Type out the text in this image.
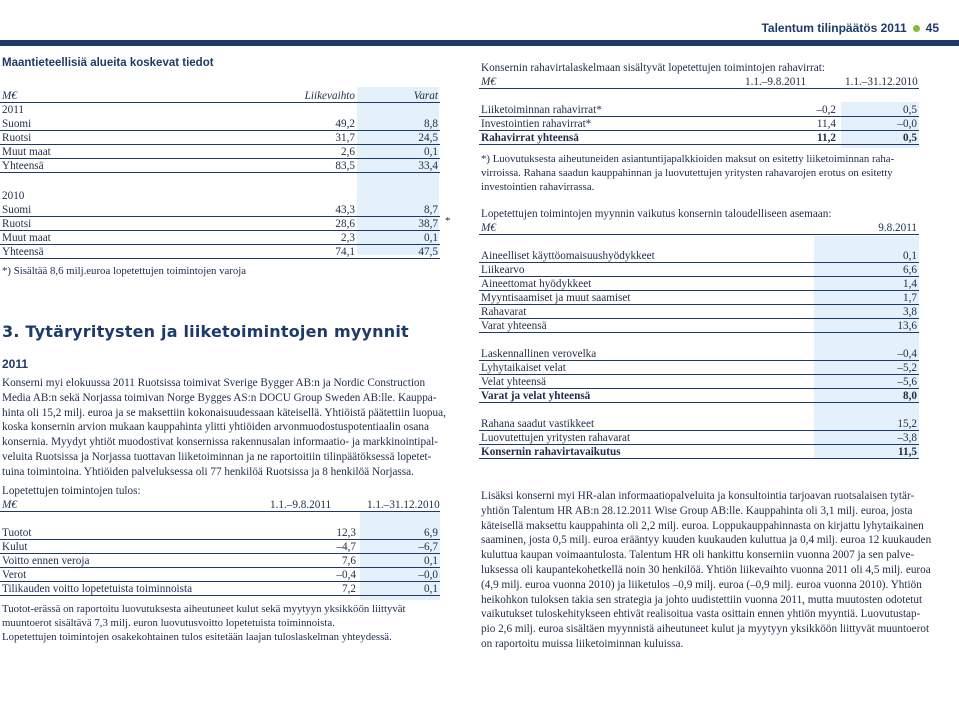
Talentum tilinpäätös 2011 45
Maantieteellisiä alueita koskevat tiedot
M€	Liikevaihto	Varat
2011
Suomi	49,2	8,8
Ruotsi	31,7	24,5
Muut maat	2,6	0,1
Yhteensä	83,5	33,4
2010
Suomi	43,3	8,7
Ruotsi	28,6	38,7
Muut maat	2,3	0,1
Yhteensä	74,1	47,5
*
*) Sisältää 8,6 milj.euroa lopetettujen toimintojen varoja
3. Tytäryritysten ja liiketoimintojen myynnit
2011
Konserni myi elokuussa 2011 Ruotsissa toimivat Sverige Bygger AB:n ja Nordic Construction
Media AB:n sekä Norjassa toimivan Norge Bygges AS:n DOCU Group Sweden AB:lle. Kauppa-
hinta oli 15,2 milj. euroa ja se maksettiin kokonaisuudessaan käteisellä. Yhtiöistä päätettiin luopua,
koska konsernin arvion mukaan kauppahinta ylitti yhtiöiden arvonmuodostuspotentiaalin osana
konsernia. Myydyt yhtiöt muodostivat konsernissa rakennusalan informaatio- ja markkinointipal-
veluita Ruotsissa ja Norjassa tuottavan liiketoiminnan ja ne raportoitiin tilinpäätöksessä lopetet-
tuina toimintoina. Yhtiöiden palveluksessa oli 77 henkilöä Ruotsissa ja 8 henkilöä Norjassa.
Lopetettujen toimintojen tulos:
M€	1.1.–9.8.2011	1.1.–31.12.2010
Tuotot	12,3	6,9
Kulut	–4,7	–6,7
Voitto ennen veroja	7,6	0,1
Verot	–0,4	–0,0
Tilikauden voitto lopetetuista toiminnoista	7,2	0,1
Tuotot-erässä on raportoitu luovutuksesta aiheutuneet kulut sekä myytyyn yksikköön liittyvät
muuntoerot sisältävä 7,3 milj. euron luovutusvoitto lopetetuista toiminnoista.
Lopetettujen toimintojen osakekohtainen tulos esitetään laajan tuloslaskelman yhteydessä.
Konsernin rahavirtalaskelmaan sisältyvät lopetettujen toimintojen rahavirrat:
M€	1.1.–9.8.2011	1.1.–31.12.2010
Liiketoiminnan rahavirrat*	–0,2	0,5
Investointien rahavirrat*	11,4	–0,0
Rahavirrat yhteensä	11,2	0,5
*) Luovutuksesta aiheutuneiden asiantuntijapalkkioiden maksut on esitetty liiketoiminnan raha-
virroissa. Rahana saadun kauppahinnan ja luovutettujen yritysten rahavarojen erotus on esitetty
investointien rahavirrassa.
Lopetettujen toimintojen myynnin vaikutus konsernin taloudelliseen asemaan:
M€	9.8.2011
Aineelliset käyttöomaisuushyödykkeet	0,1
Liikearvo	6,6
Aineettomat hyödykkeet	1,4
Myyntisaamiset ja muut saamiset	1,7
Rahavarat	3,8
Varat yhteensä	13,6
Laskennallinen verovelka	–0,4
Lyhytaikaiset velat	–5,2
Velat yhteensä	–5,6
Varat ja velat yhteensä	8,0
Rahana saadut vastikkeet	15,2
Luovutettujen yritysten rahavarat	–3,8
Konsernin rahavirtavaikutus	11,5
Lisäksi konserni myi HR-alan informaatiopalveluita ja konsultointia tarjoavan ruotsalaisen tytär-
yhtiön Talentum HR AB:n 28.12.2011 Wise Group AB:lle. Kauppahinta oli 3,1 milj. euroa, josta
käteisellä maksettu kauppahinta oli 2,2 milj. euroa. Loppukauppahinnasta on kirjattu lyhytaikainen
saaminen, josta 0,5 milj. euroa erääntyy kuuden kuukauden kuluttua ja 0,4 milj. euroa 12 kuukauden
kuluttua kaupan voimaantulosta. Talentum HR oli hankittu konserniin vuonna 2007 ja sen palve-
luksessa oli kaupantekohetkellä noin 30 henkilöä. Yhtiön liikevaihto vuonna 2011 oli 4,5 milj. euroa
(4,9 milj. euroa vuonna 2010) ja liiketulos –0,9 milj. euroa (–0,9 milj. euroa vuonna 2010). Yhtiön
heikohkon tuloksen takia sen strategia ja johto uudistettiin vuonna 2011, mutta muutosten odotetut
vaikutukset tuloskehitykseen ehtivät realisoitua vasta osittain ennen yhtiön myyntiä. Luovutustap-
pio 2,6 milj. euroa sisältäen myynnistä aiheutuneet kulut ja myytyyn yksikköön liittyvät muuntoerot
on raportoitu muissa liiketoiminnan kuluissa.
